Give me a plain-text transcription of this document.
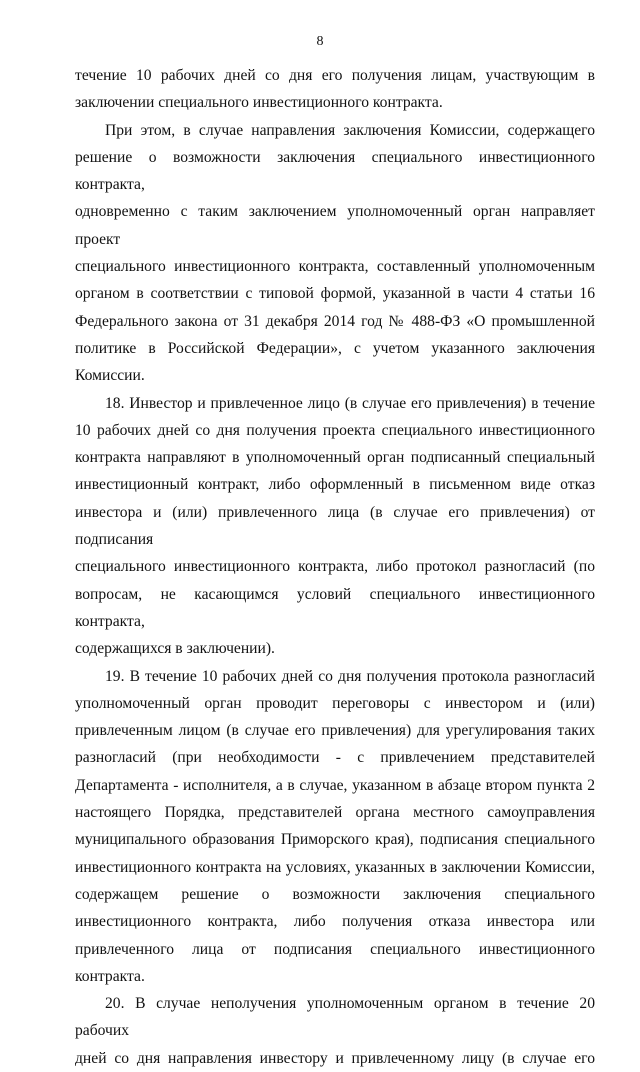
8

течение 10 рабочих дней со дня его получения лицам, участвующим в
заключении специального инвестиционного контракта.

При этом, в случае направления заключения Комиссии, содержащего
решение о возможности заключения специального инвестиционного контракта,
одновременно с таким заключением уполномоченный орган направляет проект
специального инвестиционного контракта, составленный уполномоченным
органом в соответствии с типовой формой, указанной в части 4 статьи 16
Федерального закона от 31 декабря 2014 год № 488-ФЗ «О промышленной
политике в Российской Федерации», с учетом указанного заключения Комиссии.

18. Инвестор и привлеченное лицо (в случае его привлечения) в течение
10 рабочих дней со дня получения проекта специального инвестиционного
контракта направляют в уполномоченный орган подписанный специальный
инвестиционный контракт, либо оформленный в письменном виде отказ
инвестора и (или) привлеченного лица (в случае его привлечения) от подписания
специального инвестиционного контракта, либо протокол разногласий (по
вопросам, не касающимся условий специального инвестиционного контракта,
содержащихся в заключении).

19. В течение 10 рабочих дней со дня получения протокола разногласий
уполномоченный орган проводит переговоры с инвестором и (или)
привлеченным лицом (в случае его привлечения) для урегулирования таких
разногласий (при необходимости - с привлечением представителей
Департамента - исполнителя, а в случае, указанном в абзаце втором пункта 2
настоящего Порядка, представителей органа местного самоуправления
муниципального образования Приморского края), подписания специального
инвестиционного контракта на условиях, указанных в заключении Комиссии,
содержащем решение о возможности заключения специального
инвестиционного контракта, либо получения отказа инвестора или
привлеченного лица от подписания специального инвестиционного контракта.

20. В случае неполучения уполномоченным органом в течение 20 рабочих
дней со дня направления инвестору и привлеченному лицу (в случае его
